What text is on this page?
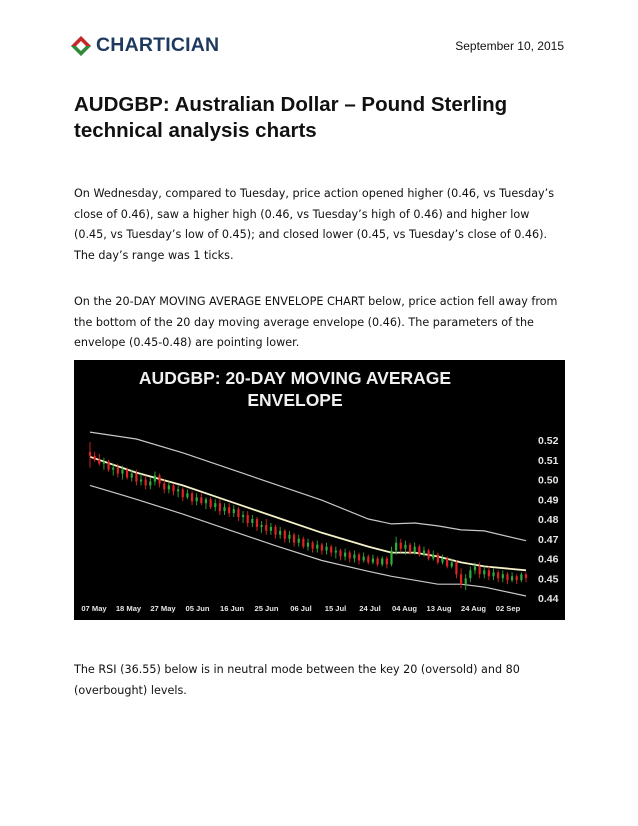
CHARTICIAN	September 10, 2015
AUDGBP: Australian Dollar – Pound Sterling technical analysis charts

On Wednesday, compared to Tuesday, price action opened higher (0.46, vs Tuesday’s close of 0.46), saw a higher high (0.46, vs Tuesday’s high of 0.46) and higher low (0.45, vs Tuesday’s low of 0.45); and closed lower (0.45, vs Tuesday’s close of 0.46). The day’s range was 1 ticks.

On the 20-DAY MOVING AVERAGE ENVELOPE CHART below, price action fell away from the bottom of the 20 day moving average envelope (0.46). The parameters of the envelope (0.45-0.48) are pointing lower.

AUDGBP: 20-DAY MOVING AVERAGE
ENVELOPE
0.52
0.51
0.50
0.49
0.48
0.47
0.46
0.45
0.44
07 May 18 May 27 May 05 Jun 16 Jun 25 Jun 06 Jul 15 Jul 24 Jul 04 Aug 13 Aug 24 Aug 02 Sep

The RSI (36.55) below is in neutral mode between the key 20 (oversold) and 80 (overbought) levels.
